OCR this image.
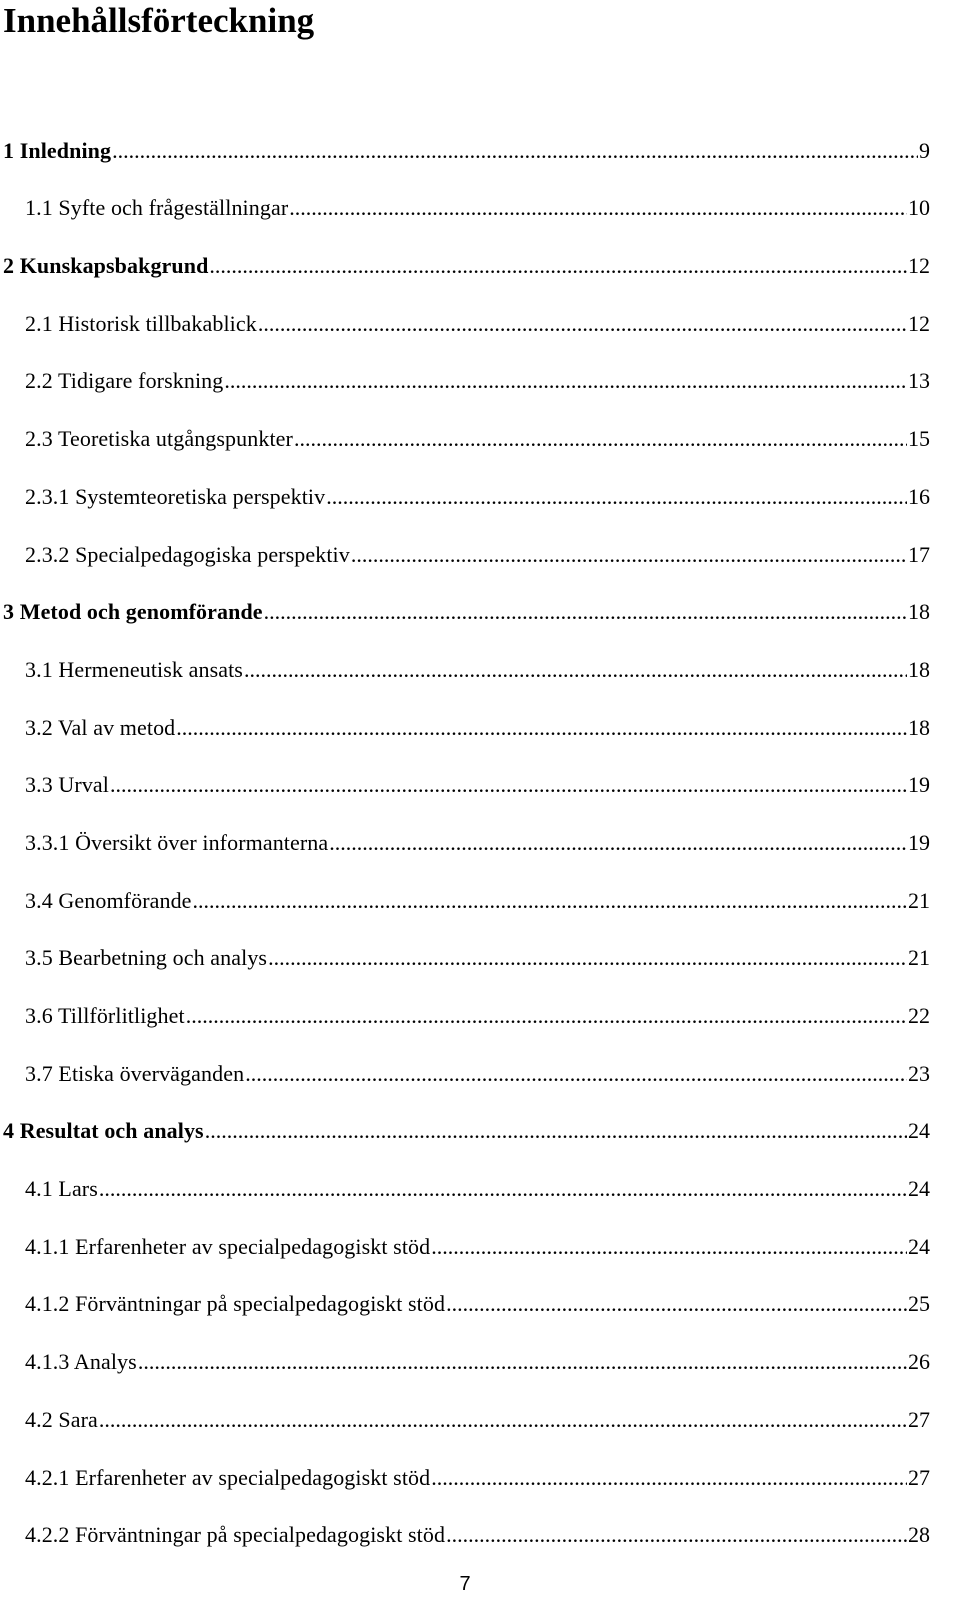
Innehållsförteckning
1 Inledning .....	9
1.1 Syfte och frågeställningar .....	10
2 Kunskapsbakgrund .....	12
2.1 Historisk tillbakablick .....	12
2.2 Tidigare forskning .....	13
2.3 Teoretiska utgångspunkter .....	15
2.3.1 Systemteoretiska perspektiv .....	16
2.3.2 Specialpedagogiska perspektiv .....	17
3 Metod och genomförande .....	18
3.1 Hermeneutisk ansats .....	18
3.2 Val av metod .....	18
3.3 Urval .....	19
3.3.1 Översikt över informanterna .....	19
3.4 Genomförande .....	21
3.5 Bearbetning och analys .....	21
3.6 Tillförlitlighet .....	22
3.7 Etiska överväganden .....	23
4 Resultat och analys .....	24
4.1 Lars .....	24
4.1.1 Erfarenheter av specialpedagogiskt stöd .....	24
4.1.2 Förväntningar på specialpedagogiskt stöd .....	25
4.1.3 Analys .....	26
4.2 Sara .....	27
4.2.1 Erfarenheter av specialpedagogiskt stöd .....	27
4.2.2 Förväntningar på specialpedagogiskt stöd .....	28
7
